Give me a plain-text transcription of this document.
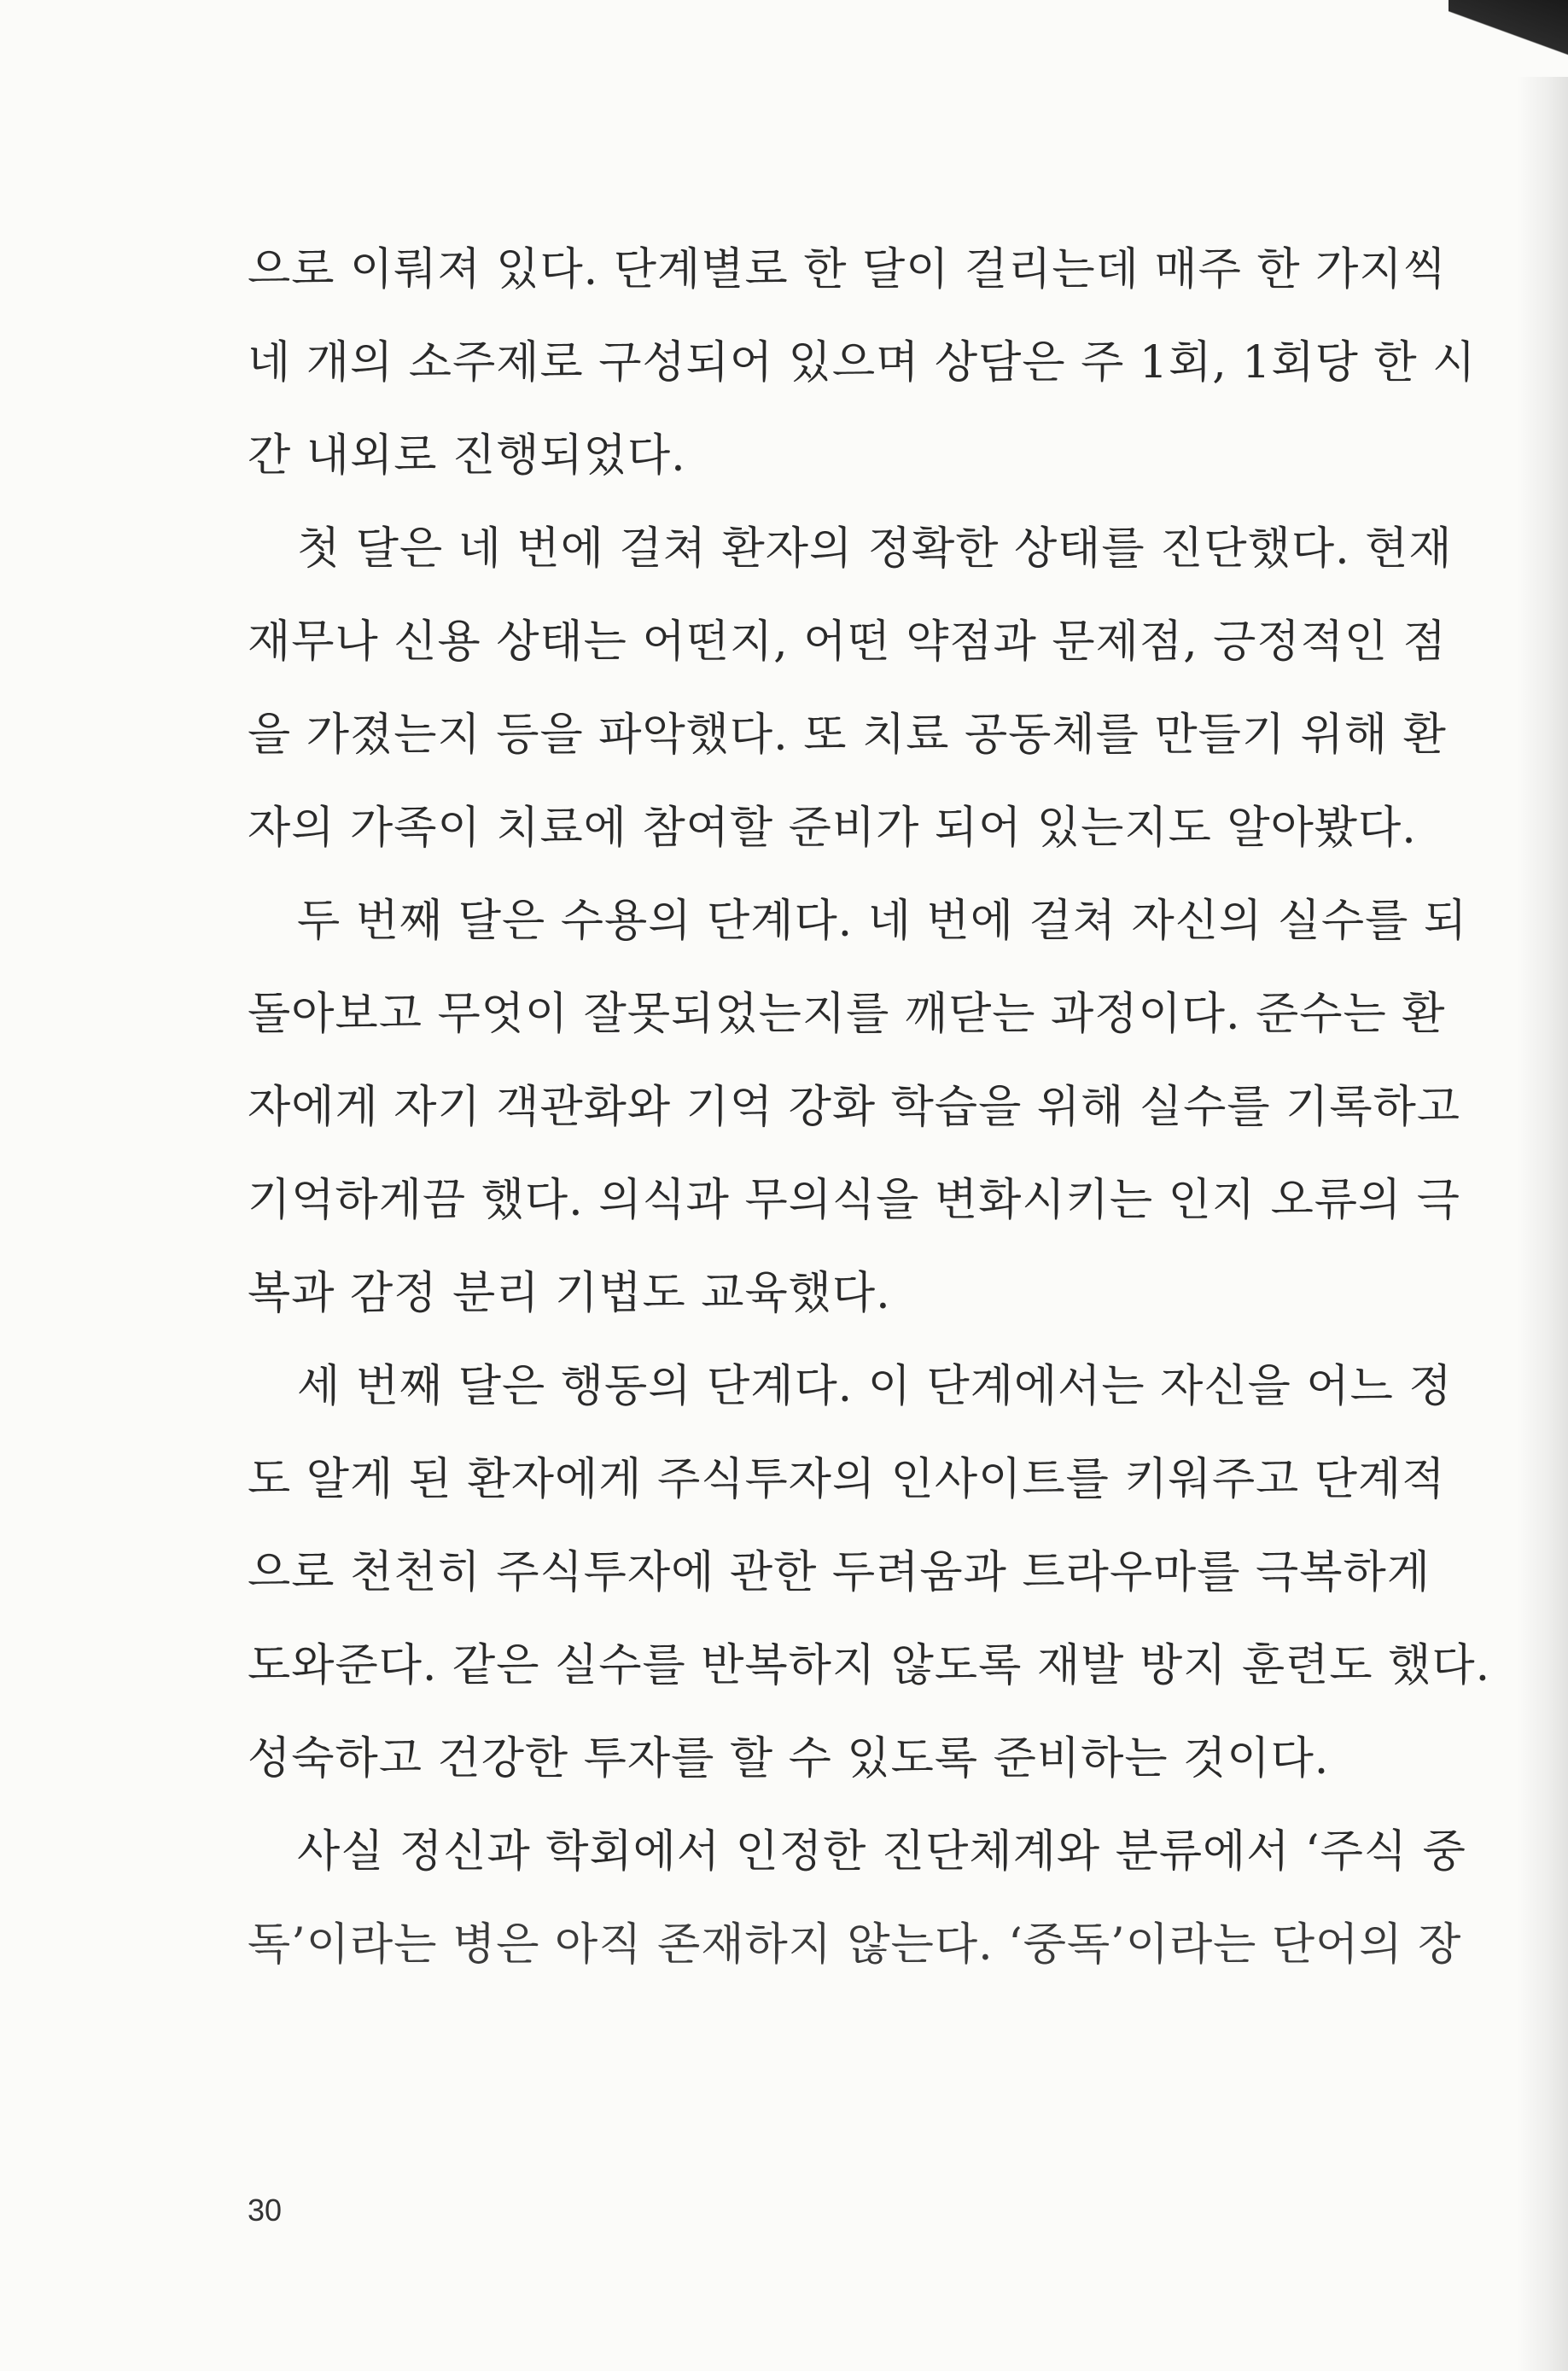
으로 이뤄져 있다. 단계별로 한 달이 걸리는데 매주 한 가지씩
네 개의 소주제로 구성되어 있으며 상담은 주 1회, 1회당 한 시
간 내외로 진행되었다.
첫 달은 네 번에 걸쳐 환자의 정확한 상태를 진단했다. 현재
재무나 신용 상태는 어떤지, 어떤 약점과 문제점, 긍정적인 점
을 가졌는지 등을 파악했다. 또 치료 공동체를 만들기 위해 환
자의 가족이 치료에 참여할 준비가 되어 있는지도 알아봤다.
두 번째 달은 수용의 단계다. 네 번에 걸쳐 자신의 실수를 되
돌아보고 무엇이 잘못되었는지를 깨닫는 과정이다. 준수는 환
자에게 자기 객관화와 기억 강화 학습을 위해 실수를 기록하고
기억하게끔 했다. 의식과 무의식을 변화시키는 인지 오류의 극
복과 감정 분리 기법도 교육했다.
세 번째 달은 행동의 단계다. 이 단계에서는 자신을 어느 정
도 알게 된 환자에게 주식투자의 인사이트를 키워주고 단계적
으로 천천히 주식투자에 관한 두려움과 트라우마를 극복하게
도와준다. 같은 실수를 반복하지 않도록 재발 방지 훈련도 했다.
성숙하고 건강한 투자를 할 수 있도록 준비하는 것이다.
사실 정신과 학회에서 인정한 진단체계와 분류에서 ‘주식 중
독’이라는 병은 아직 존재하지 않는다. ‘중독’이라는 단어의 장
30
